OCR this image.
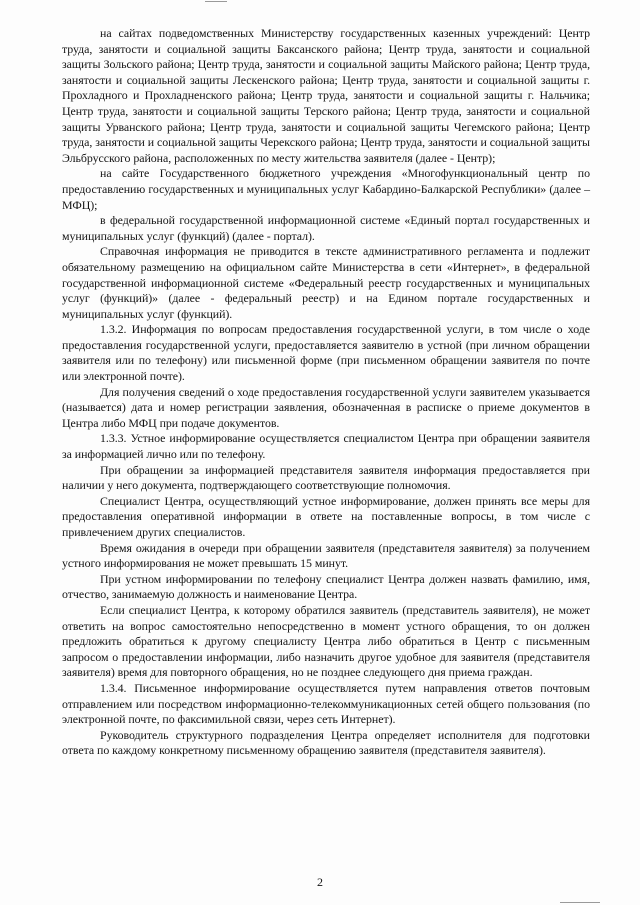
на сайтах подведомственных Министерству государственных казенных учреждений: Центр труда, занятости и социальной защиты Баксанского района; Центр труда, занятости и социальной защиты Зольского района; Центр труда, занятости и социальной защиты Майского района; Центр труда, занятости и социальной защиты Лескенского района; Центр труда, занятости и социальной защиты г. Прохладного и Прохладненского района; Центр труда, занятости и социальной защиты г. Нальчика; Центр труда, занятости и социальной защиты Терского района; Центр труда, занятости и социальной защиты Урванского района; Центр труда, занятости и социальной защиты Чегемского района; Центр труда, занятости и социальной защиты Черекского района; Центр труда, занятости и социальной защиты Эльбрусского района, расположенных по месту жительства заявителя (далее - Центр);

на сайте Государственного бюджетного учреждения «Многофункциональный центр по предоставлению государственных и муниципальных услуг Кабардино-Балкарской Республики» (далее – МФЦ);

в федеральной государственной информационной системе «Единый портал государственных и муниципальных услуг (функций) (далее - портал).

Справочная информация не приводится в тексте административного регламента и подлежит обязательному размещению на официальном сайте Министерства в сети «Интернет», в федеральной государственной информационной системе «Федеральный реестр государственных и муниципальных услуг (функций)» (далее - федеральный реестр) и на Едином портале государственных и муниципальных услуг (функций).

1.3.2. Информация по вопросам предоставления государственной услуги, в том числе о ходе предоставления государственной услуги, предоставляется заявителю в устной (при личном обращении заявителя или по телефону) или письменной форме (при письменном обращении заявителя по почте или электронной почте).

Для получения сведений о ходе предоставления государственной услуги заявителем указывается (называется) дата и номер регистрации заявления, обозначенная в расписке о приеме документов в Центра либо МФЦ при подаче документов.

1.3.3. Устное информирование осуществляется специалистом Центра при обращении заявителя за информацией лично или по телефону.

При обращении за информацией представителя заявителя информация предоставляется при наличии у него документа, подтверждающего соответствующие полномочия.

Специалист Центра, осуществляющий устное информирование, должен принять все меры для предоставления оперативной информации в ответе на поставленные вопросы, в том числе с привлечением других специалистов.

Время ожидания в очереди при обращении заявителя (представителя заявителя) за получением устного информирования не может превышать 15 минут.

При устном информировании по телефону специалист Центра должен назвать фамилию, имя, отчество, занимаемую должность и наименование Центра.

Если специалист Центра, к которому обратился заявитель (представитель заявителя), не может ответить на вопрос самостоятельно непосредственно в момент устного обращения, то он должен предложить обратиться к другому специалисту Центра либо обратиться в Центр с письменным запросом о предоставлении информации, либо назначить другое удобное для заявителя (представителя заявителя) время для повторного обращения, но не позднее следующего дня приема граждан.

1.3.4. Письменное информирование осуществляется путем направления ответов почтовым отправлением или посредством информационно-телекоммуникационных сетей общего пользования (по электронной почте, по факсимильной связи, через сеть Интернет).

Руководитель структурного подразделения Центра определяет исполнителя для подготовки ответа по каждому конкретному письменному обращению заявителя (представителя заявителя).

2
